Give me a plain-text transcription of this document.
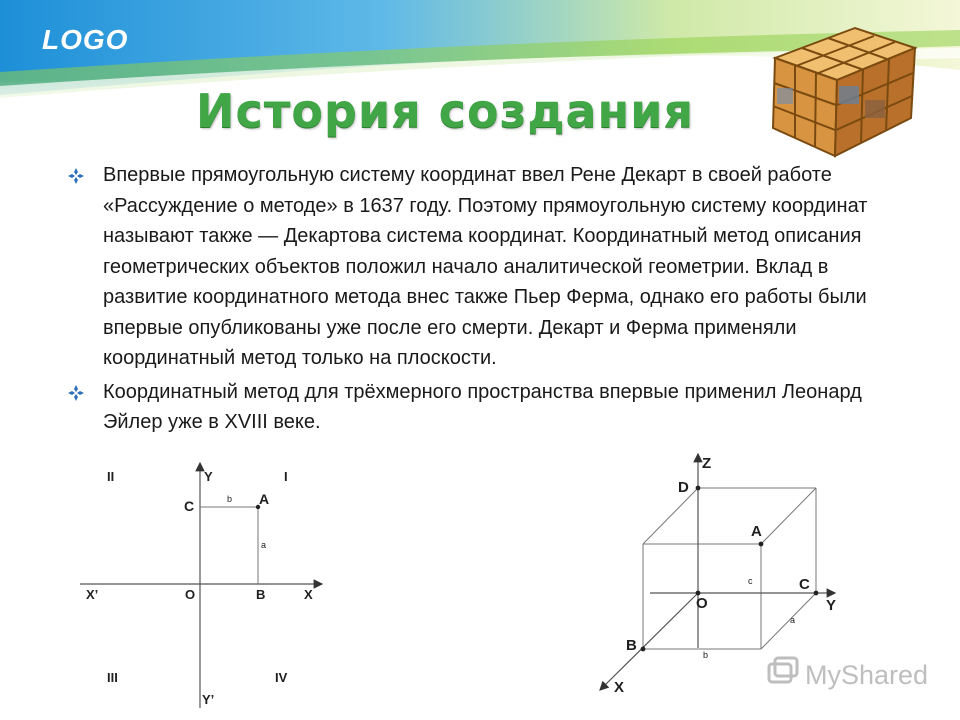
LOGO
История создания

Впервые прямоугольную систему координат ввел Рене Декарт в своей работе «Рассуждение о методе» в 1637 году. Поэтому прямоугольную систему координат называют также — Декартова система координат. Координатный метод описания геометрических объектов положил начало аналитической геометрии. Вклад в развитие координатного метода внес также Пьер Ферма, однако его работы были впервые опубликованы уже после его смерти. Декарт и Ферма применяли координатный метод только на плоскости.

Координатный метод для трёхмерного пространства впервые применил Леонард Эйлер уже в XVIII веке.

II	I
III	IV
Y
Y’
X
X’	O
A
B
C	b
a
Z
Y
X
O
D
A
C
B
a
b
c
MyShared
